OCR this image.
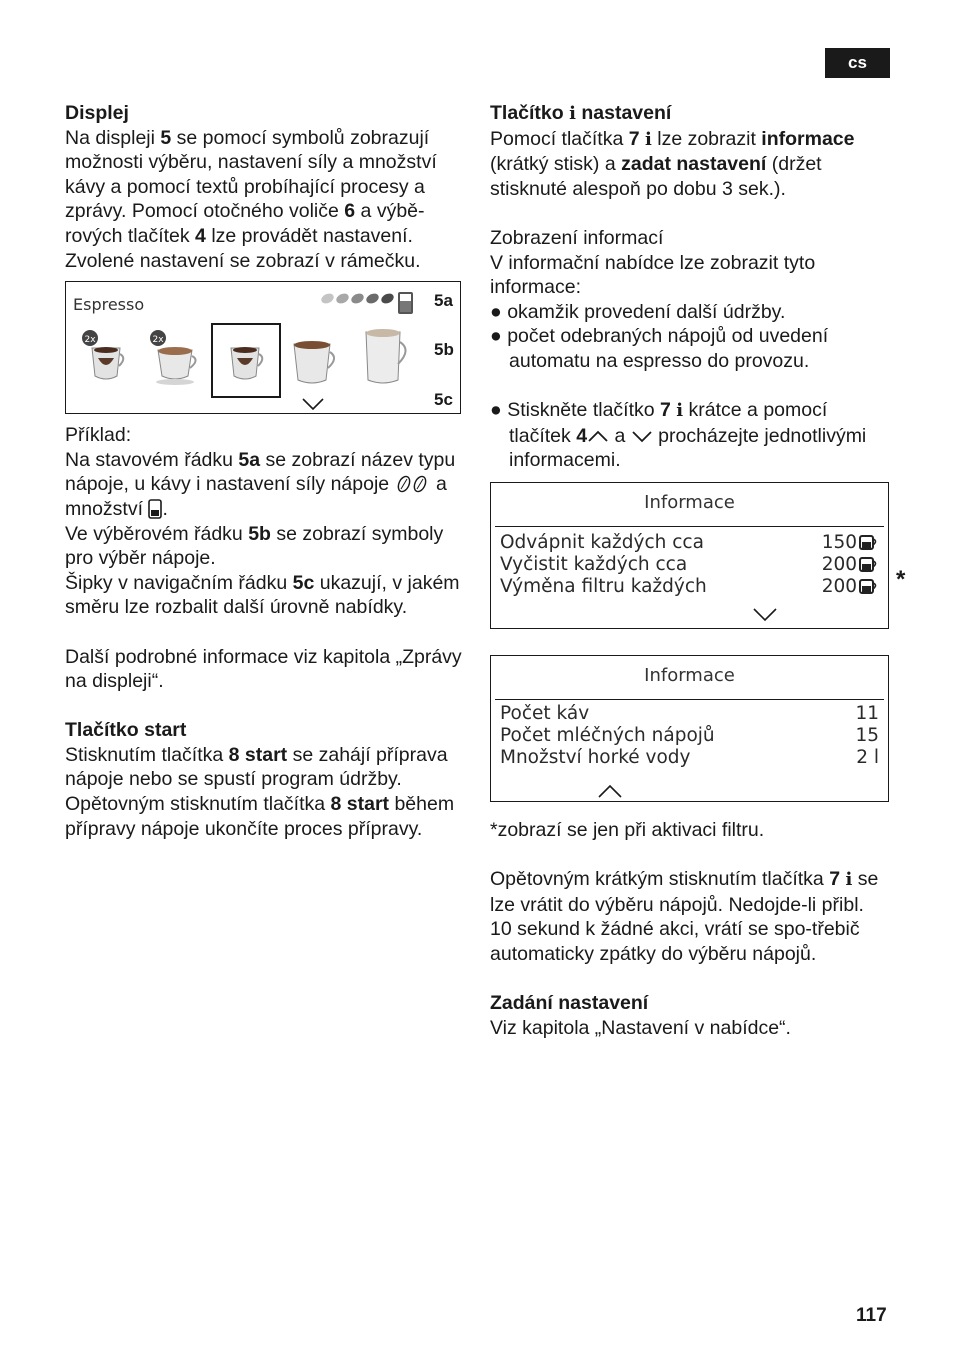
cs

Displej

Na displeji 5 se pomocí symbolů zobrazují možnosti výběru, nastavení síly a množství kávy a pomocí textů probíhající procesy a zprávy. Pomocí otočného voliče 6 a výbě-rových tlačítek 4 lze provádět nastavení. Zvolené nastavení se zobrazí v rámečku.

Espresso
2x	2x

Příklad:

Na stavovém řádku 5a se zobrazí název typu nápoje, u kávy i nastavení síly nápoje  a množství .

Ve výběrovém řádku 5b se zobrazí symboly pro výběr nápoje.

Šipky v navigačním řádku 5c ukazují, v jakém směru lze rozbalit další úrovně nabídky.

Další podrobné informace viz kapitola „Zprávy na displeji“.

Tlačítko start

Stisknutím tlačítka 8 start se zahájí příprava nápoje nebo se spustí program údržby. Opětovným stisknutím tlačítka 8 start během přípravy nápoje ukončíte proces přípravy.

5a
5b
5c

Tlačítko i nastavení

Pomocí tlačítka 7 i lze zobrazit informace (krátký stisk) a zadat nastavení (držet stisknuté alespoň po dobu 3 sek.).

Zobrazení informací

V informační nabídce lze zobrazit tyto informace:

● okamžik provedení další údržby.

● počet odebraných nápojů od uvedení automatu na espresso do provozu.

● Stiskněte tlačítko 7 i krátce a pomocí tlačítek 4 a  procházejte jednotlivými informacemi.

Informace
Odvápnit každých cca	150
Vyčistit každých cca	200
Výměna filtru každých	200
Informace
Počet káv	11
Počet mléčných nápojů	15
Množství horké vody	2 l

*zobrazí se jen při aktivaci filtru.

Opětovným krátkým stisknutím tlačítka 7 i se lze vrátit do výběru nápojů. Nedojde-li přibl. 10 sekund k žádné akci, vrátí se spo-třebič automaticky zpátky do výběru nápojů.

Zadání nastavení

Viz kapitola „Nastavení v nabídce“.

*
117
